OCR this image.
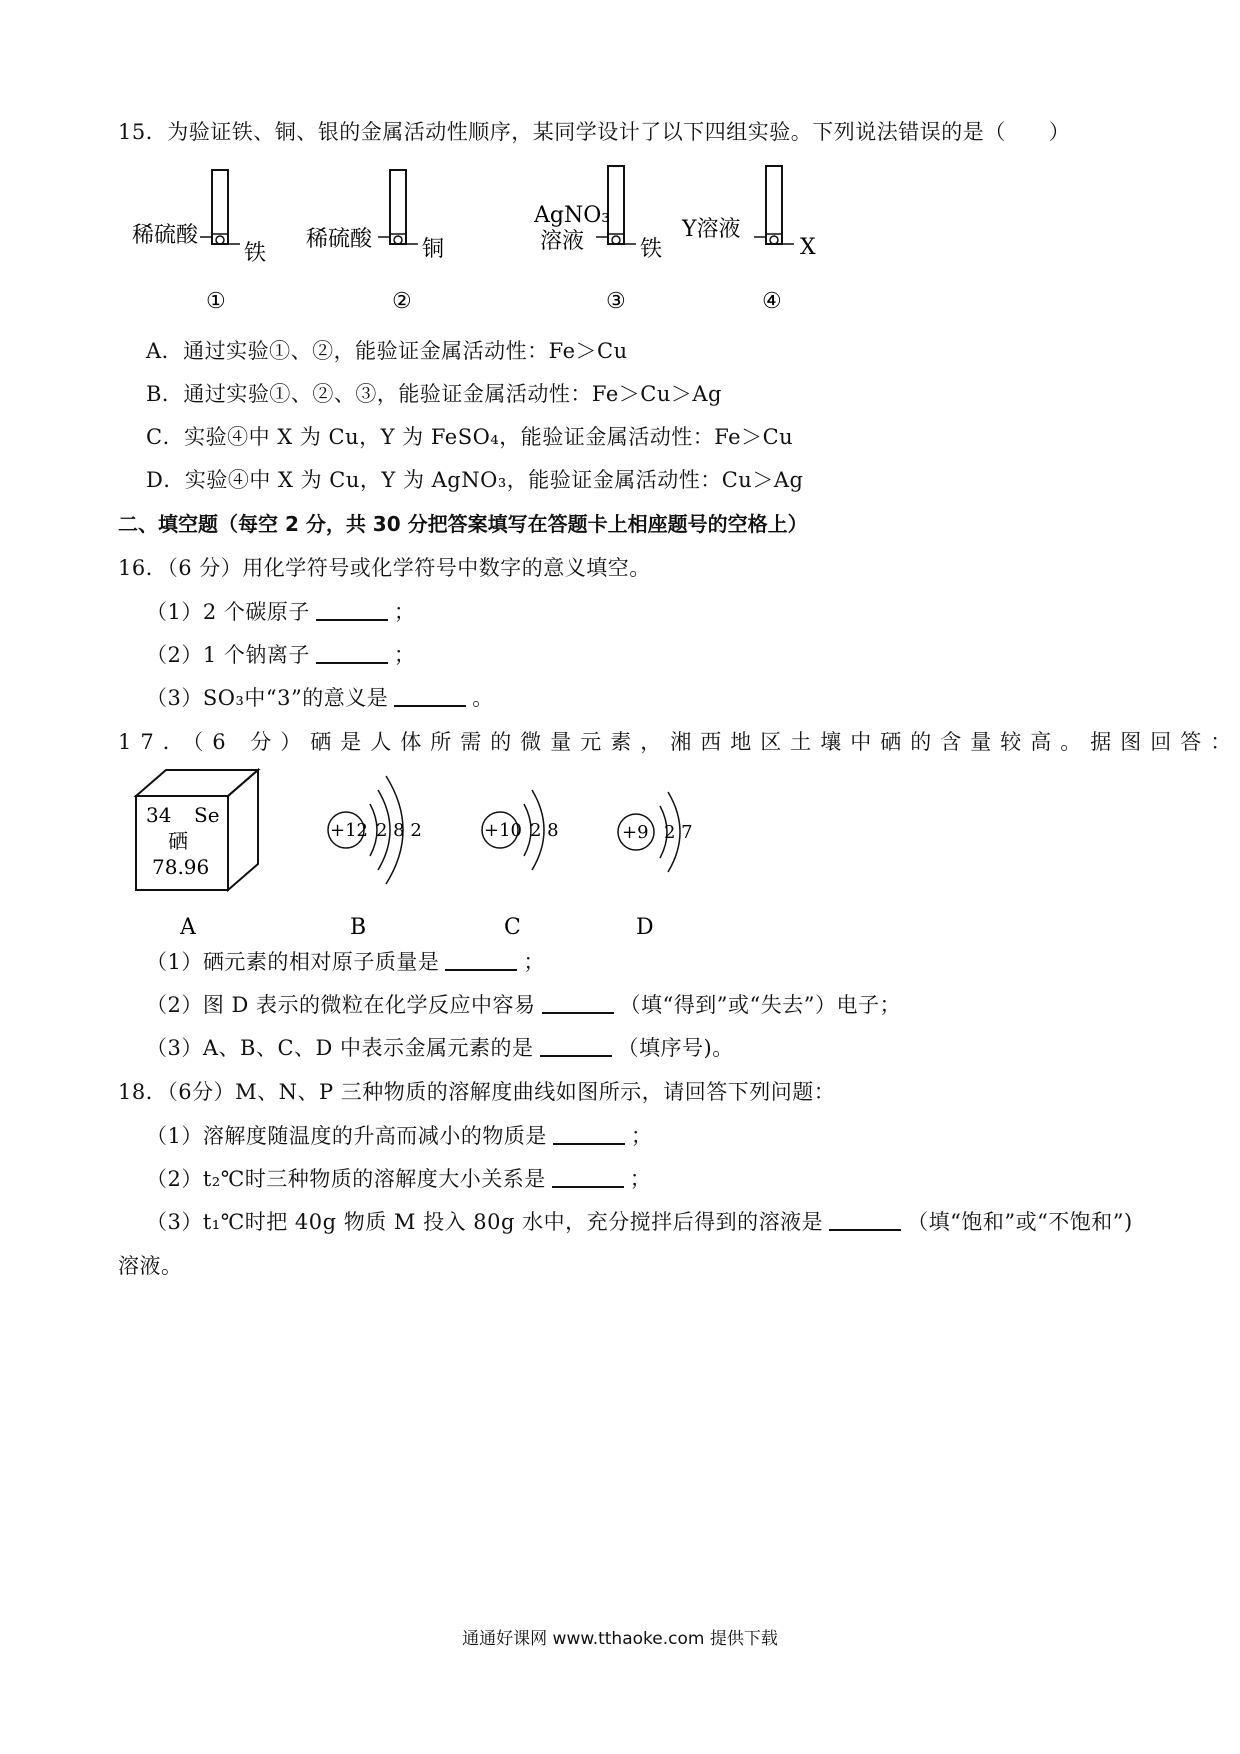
15．为验证铁、铜、银的金属活动性顺序，某同学设计了以下四组实验。下列说法错误的是（　　）
稀硫酸
铁
①
稀硫酸 铜
②
AgNO₃
溶液	铁
③
Y溶液
X
④
A．通过实验①、②，能验证金属活动性：Fe＞Cu
B．通过实验①、②、③，能验证金属活动性：Fe＞Cu＞Ag
C．实验④中 X 为 Cu，Y 为 FeSO₄，能验证金属活动性：Fe＞Cu
D．实验④中 X 为 Cu，Y 为 AgNO₃，能验证金属活动性：Cu＞Ag
二、填空题（每空 2 分，共 30 分把答案填写在答题卡上相座题号的空格上）
16．（6 分）用化学符号或化学符号中数字的意义填空。
（1）2 个碳原子	；
（2）1 个钠离子	；
（3）SO₃中“3”的意义是	。
17．（6 分）硒是人体所需的微量元素，湘西地区土壤中硒的含量较高。据图回答：
34 Se
硒
78.96
+12 2 8 2	+10 2 8	+9 2 7
A	B	C	D
（1）硒元素的相对原子质量是	；
（2）图 D 表示的微粒在化学反应中容易	（填“得到”或“失去”）电子；
（3）A、B、C、D 中表示金属元素的是	（填序号)。
18．（6分）M、N、P 三种物质的溶解度曲线如图所示，请回答下列问题：
（1）溶解度随温度的升高而减小的物质是	；
（2）t₂℃时三种物质的溶解度大小关系是	；
（3）t₁℃时把 40g 物质 M 投入 80g 水中，充分搅拌后得到的溶液是	（填“饱和”或“不饱和”)
溶液。
通通好课网 www.tthaoke.com 提供下载
